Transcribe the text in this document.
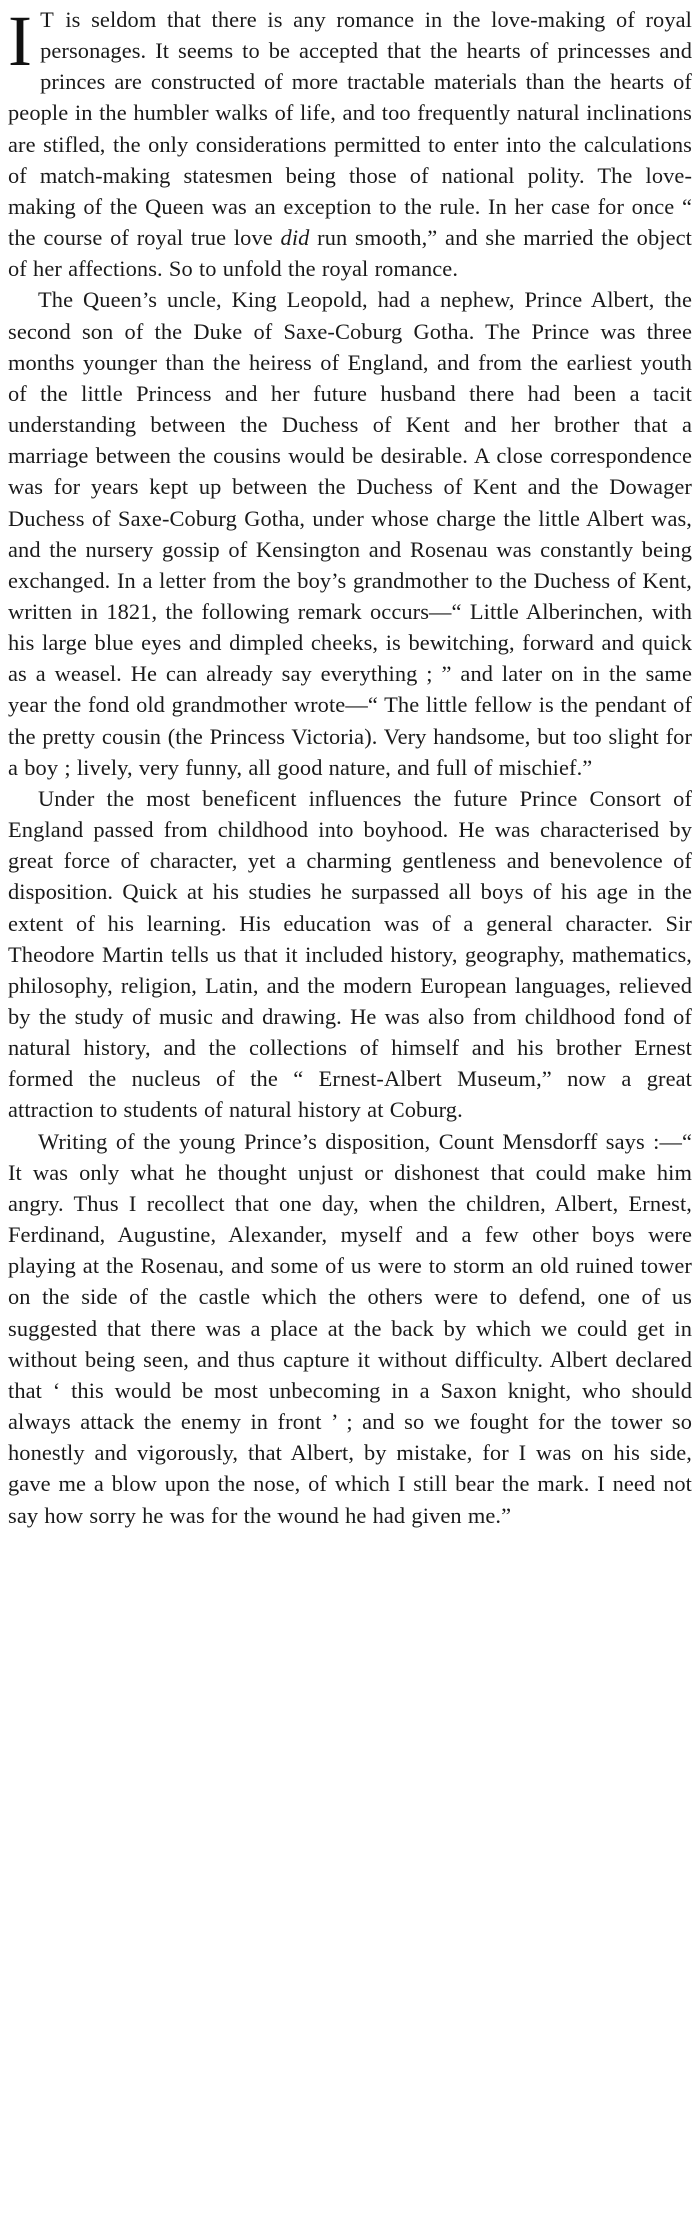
I T is seldom that there is any romance in the love-making of royal personages. It seems to be accepted that the hearts of princesses and princes are constructed of more tractable materials than the hearts of people in the humbler walks of life, and too frequently natural inclinations are stifled, the only considerations permitted to enter into the calculations of match-making statesmen being those of national polity. The love-making of the Queen was an exception to the rule. In her case for once “ the course of royal true love did run smooth,” and she married the object of her affections. So to unfold the royal romance.

The Queen’s uncle, King Leopold, had a nephew, Prince Albert, the second son of the Duke of Saxe-Coburg Gotha. The Prince was three months younger than the heiress of England, and from the earliest youth of the little Princess and her future husband there had been a tacit understanding between the Duchess of Kent and her brother that a marriage between the cousins would be desirable. A close correspondence was for years kept up between the Duchess of Kent and the Dowager Duchess of Saxe-Coburg Gotha, under whose charge the little Albert was, and the nursery gossip of Kensington and Rosenau was constantly being exchanged. In a letter from the boy’s grandmother to the Duchess of Kent, written in 1821, the following remark occurs—“ Little Alberinchen, with his large blue eyes and dimpled cheeks, is bewitching, forward and quick as a weasel. He can already say everything ; ” and later on in the same year the fond old grandmother wrote—“ The little fellow is the pendant of the pretty cousin (the Princess Victoria). Very handsome, but too slight for a boy ; lively, very funny, all good nature, and full of mischief.”

Under the most beneficent influences the future Prince Consort of England passed from childhood into boyhood. He was characterised by great force of character, yet a charming gentleness and benevolence of disposition. Quick at his studies he surpassed all boys of his age in the extent of his learning. His education was of a general character. Sir Theodore Martin tells us that it included history, geography, mathematics, philosophy, religion, Latin, and the modern European languages, relieved by the study of music and drawing. He was also from childhood fond of natural history, and the collections of himself and his brother Ernest formed the nucleus of the “ Ernest-Albert Museum,” now a great attraction to students of natural history at Coburg.

Writing of the young Prince’s disposition, Count Mensdorff says :—“ It was only what he thought unjust or dishonest that could make him angry. Thus I recollect that one day, when the children, Albert, Ernest, Ferdinand, Augustine, Alexander, myself and a few other boys were playing at the Rosenau, and some of us were to storm an old ruined tower on the side of the castle which the others were to defend, one of us suggested that there was a place at the back by which we could get in without being seen, and thus capture it without difficulty. Albert declared that ‘ this would be most unbecoming in a Saxon knight, who should always attack the enemy in front ’ ; and so we fought for the tower so honestly and vigorously, that Albert, by mistake, for I was on his side, gave me a blow upon the nose, of which I still bear the mark. I need not say how sorry he was for the wound he had given me.”
